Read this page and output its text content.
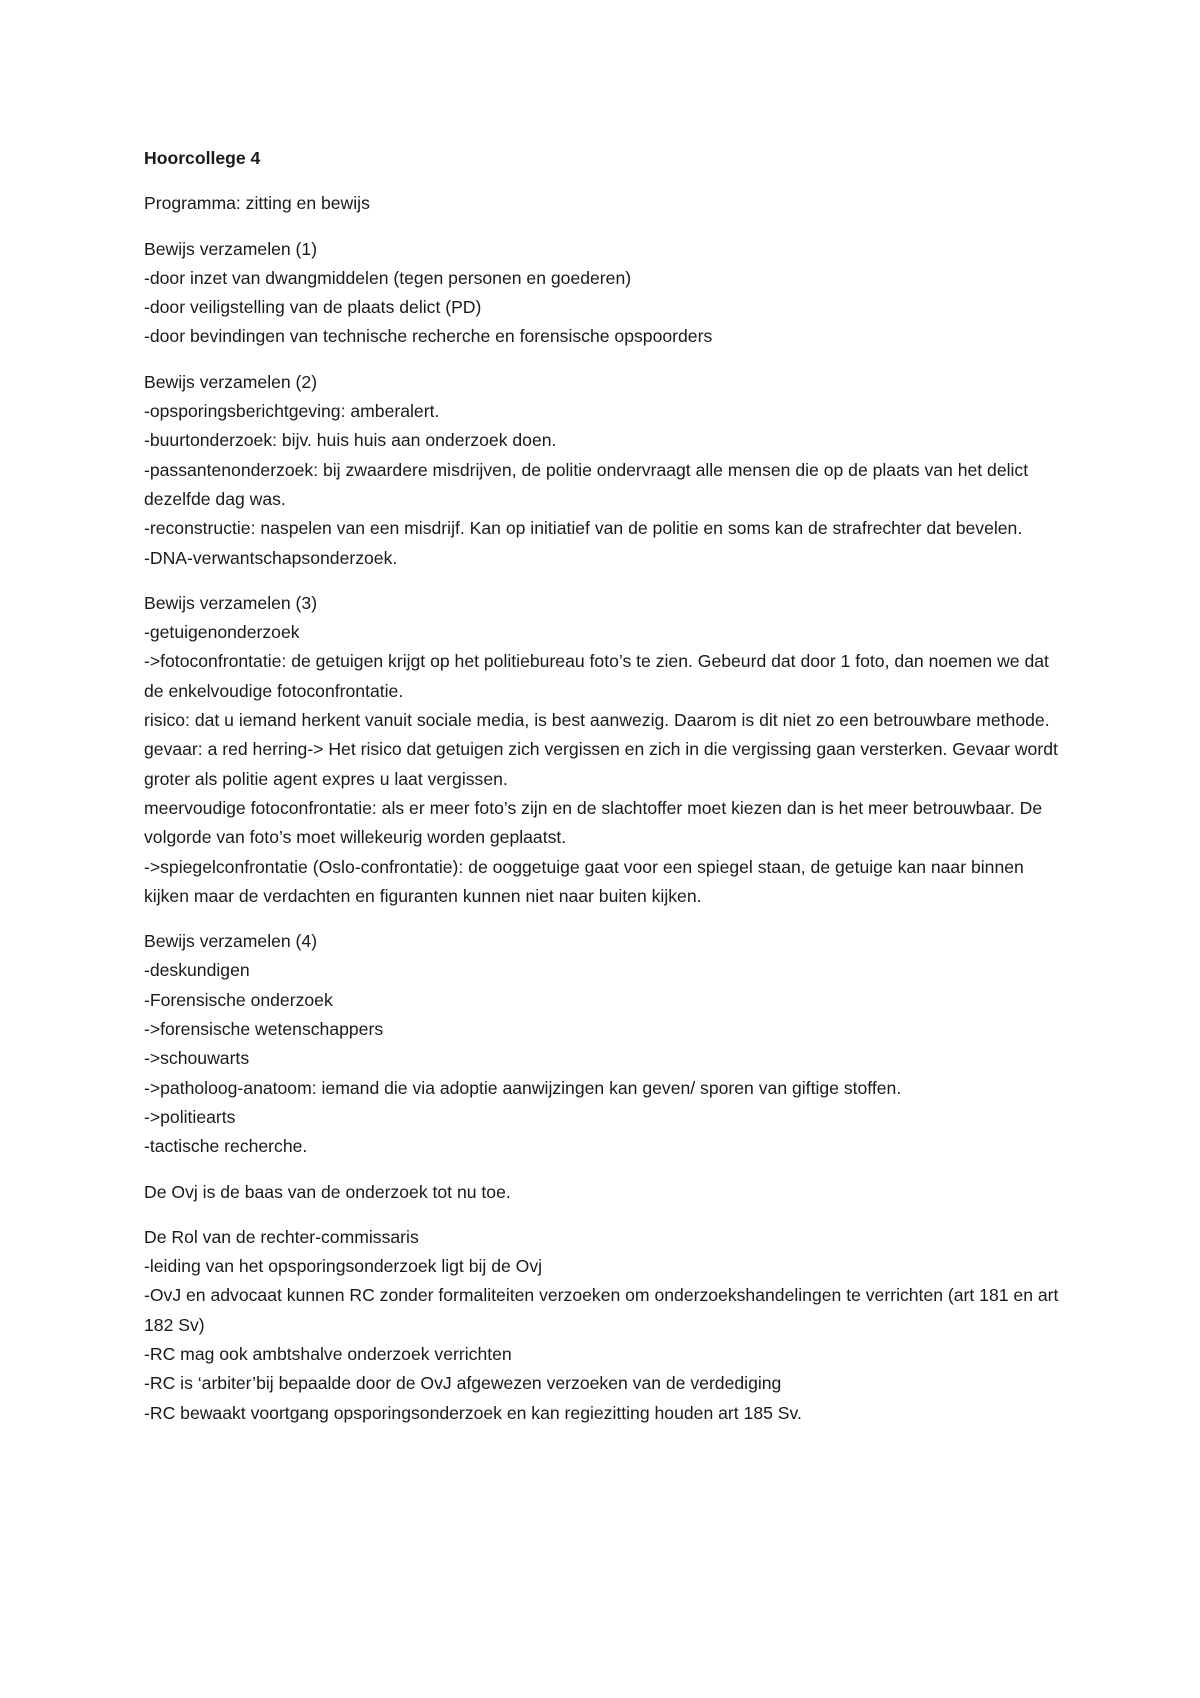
Hoorcollege 4
Programma: zitting en bewijs
Bewijs verzamelen (1)
-door inzet van dwangmiddelen (tegen personen en goederen)
-door veiligstelling van de plaats delict (PD)
-door bevindingen van technische recherche en forensische opspoorders
Bewijs verzamelen (2)
-opsporingsberichtgeving: amberalert.
-buurtonderzoek: bijv. huis huis aan onderzoek doen.
-passantenonderzoek: bij zwaardere misdrijven, de politie ondervraagt alle mensen die op de plaats van het delict dezelfde dag was.
-reconstructie: naspelen van een misdrijf. Kan op initiatief van de politie en soms kan de strafrechter dat bevelen.
-DNA-verwantschapsonderzoek.
Bewijs verzamelen (3)
-getuigenonderzoek
->fotoconfrontatie: de getuigen krijgt op het politiebureau foto’s te zien. Gebeurd dat door 1 foto, dan noemen we dat de enkelvoudige fotoconfrontatie.
risico: dat u iemand herkent vanuit sociale media, is best aanwezig. Daarom is dit niet zo een betrouwbare methode.
gevaar: a red herring-> Het risico dat getuigen zich vergissen en zich in die vergissing gaan versterken. Gevaar wordt groter als politie agent expres u laat vergissen.
meervoudige fotoconfrontatie: als er meer foto’s zijn en de slachtoffer moet kiezen dan is het meer betrouwbaar. De volgorde van foto’s moet willekeurig worden geplaatst.
->spiegelconfrontatie (Oslo-confrontatie): de ooggetuige gaat voor een spiegel staan, de getuige kan naar binnen kijken maar de verdachten en figuranten kunnen niet naar buiten kijken.
Bewijs verzamelen (4)
-deskundigen
-Forensische onderzoek
->forensische wetenschappers
->schouwarts
->patholoog-anatoom: iemand die via adoptie aanwijzingen kan geven/ sporen van giftige stoffen.
->politiearts
-tactische recherche.
De Ovj is de baas van de onderzoek tot nu toe.
De Rol van de rechter-commissaris
-leiding van het opsporingsonderzoek ligt bij de Ovj
-OvJ en advocaat kunnen RC zonder formaliteiten verzoeken om onderzoekshandelingen te verrichten (art 181 en art 182 Sv)
-RC mag ook ambtshalve onderzoek verrichten
-RC is ‘arbiter’bij bepaalde door de OvJ afgewezen verzoeken van de verdediging
-RC bewaakt voortgang opsporingsonderzoek en kan regiezitting houden art 185 Sv.
